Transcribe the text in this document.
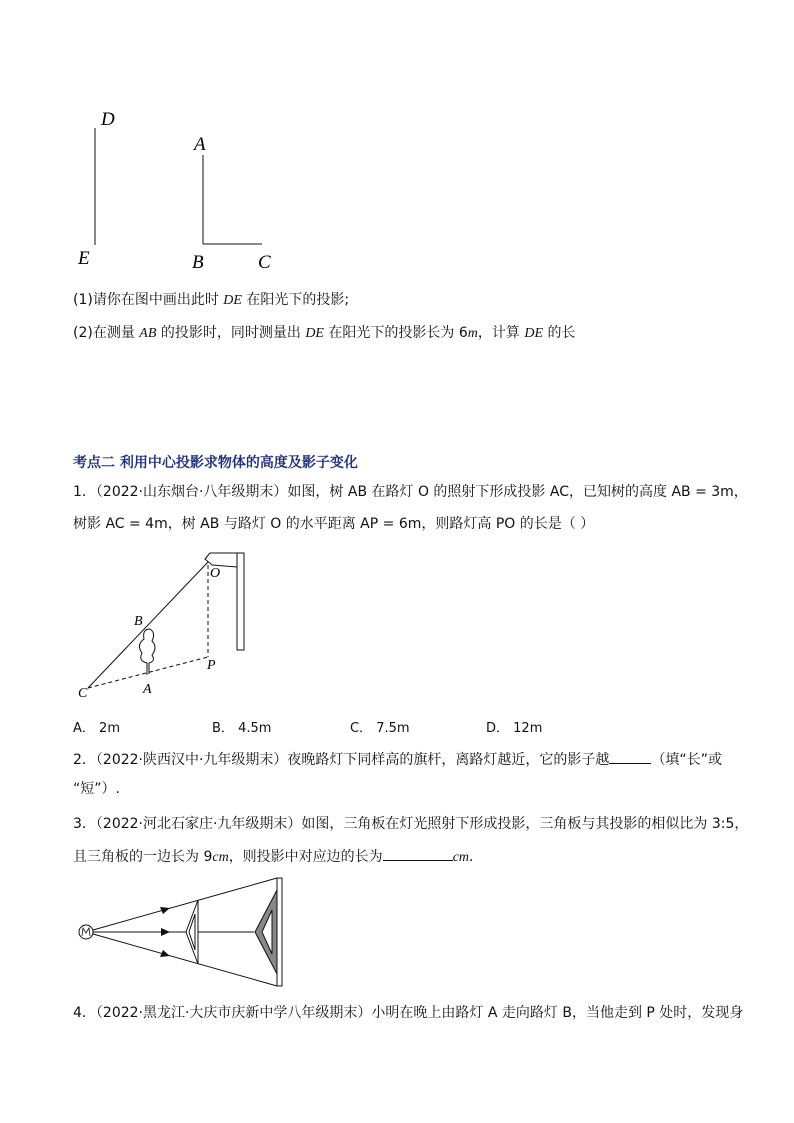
D
E
A
B	C
(1)请你在图中画出此时 DE 在阳光下的投影;
(2)在测量 AB 的投影时，同时测量出 DE 在阳光下的投影长为 6m，计算 DE 的长
考点二 利用中心投影求物体的高度及影子变化
1．（2022·山东烟台·八年级期末）如图，树 AB 在路灯 O 的照射下形成投影 AC，已知树的高度 AB = 3m，
树影 AC = 4m，树 AB 与路灯 O 的水平距离 AP = 6m，则路灯高 PO 的长是（ ）
O
B
P
C	A
A． 2m	B． 4.5m	C． 7.5m	D． 12m
2．（2022·陕西汉中·九年级期末）夜晚路灯下同样高的旗杆，离路灯越近，它的影子越	（填“长”或
“短”）.
3．（2022·河北石家庄·九年级期末）如图，三角板在灯光照射下形成投影，三角板与其投影的相似比为 3:5，
且三角板的一边长为 9cm，则投影中对应边的长为	cm．
4．（2022·黑龙江·大庆市庆新中学八年级期末）小明在晚上由路灯 A 走向路灯 B，当他走到 P 处时，发现身
